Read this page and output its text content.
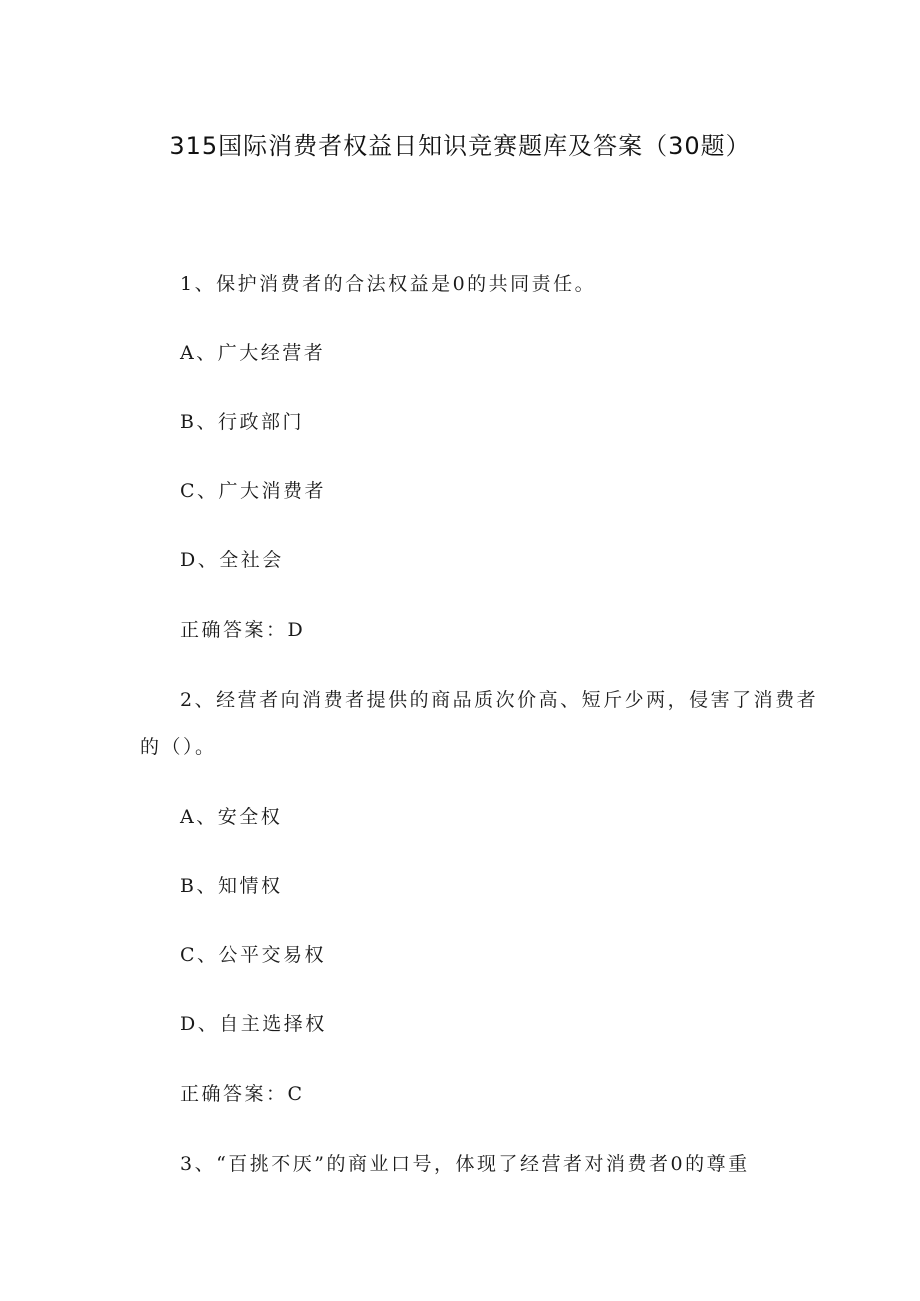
315国际消费者权益日知识竞赛题库及答案（30题）
1、保护消费者的合法权益是0的共同责任。
A、广大经营者
B、行政部门
C、广大消费者
D、全社会
正确答案：D
2、经营者向消费者提供的商品质次价高、短斤少两，侵害了消费者
的（）。
A、安全权
B、知情权
C、公平交易权
D、自主选择权
正确答案：C
3、“百挑不厌”的商业口号，体现了经营者对消费者0的尊重
